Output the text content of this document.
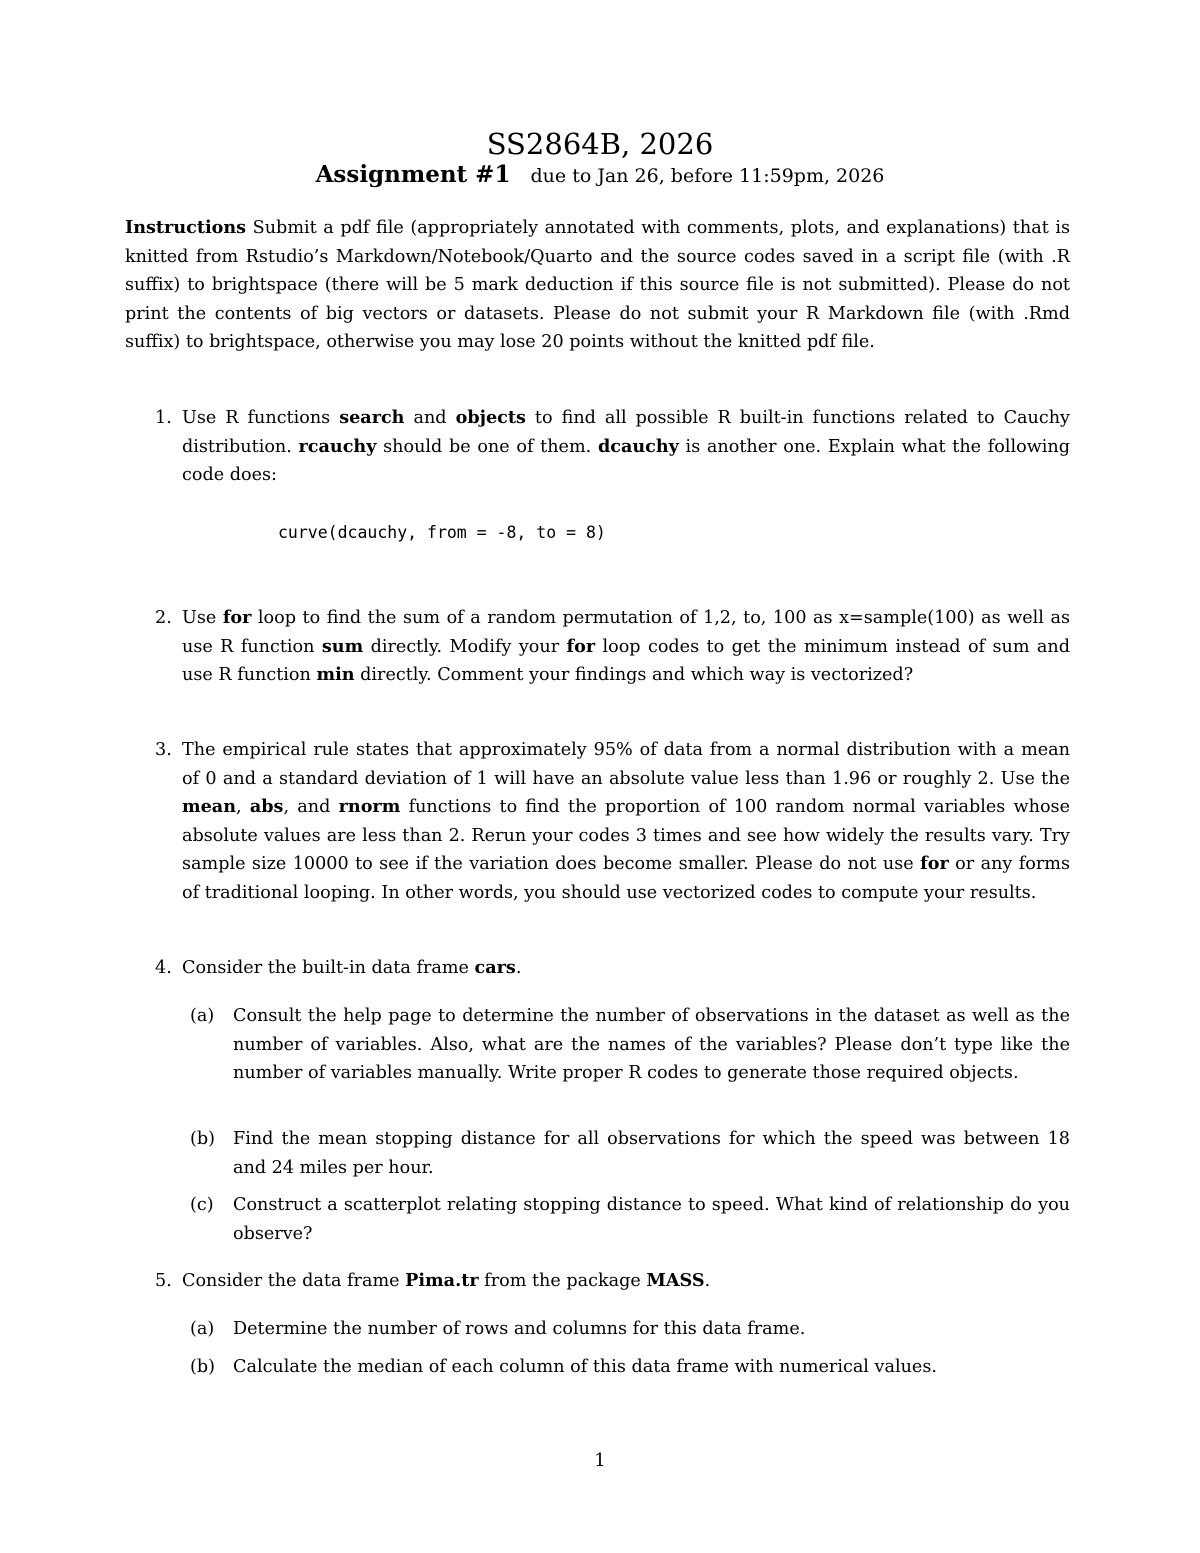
SS2864B, 2026
Assignment #1 due to Jan 26, before 11:59pm, 2026
Instructions Submit a pdf file (appropriately annotated with comments, plots, and explanations) that is knitted from Rstudio’s Markdown/Notebook/Quarto and the source codes saved in a script file (with .R suffix) to brightspace (there will be 5 mark deduction if this source file is not submitted). Please do not print the contents of big vectors or datasets. Please do not submit your R Markdown file (with .Rmd suffix) to brightspace, otherwise you may lose 20 points without the knitted pdf file.
1. Use R functions search and objects to find all possible R built-in functions related to Cauchy distribution. rcauchy should be one of them. dcauchy is another one. Explain what the following code does:
curve(dcauchy, from = -8, to = 8)
2. Use for loop to find the sum of a random permutation of 1,2, to, 100 as x=sample(100) as well as use R function sum directly. Modify your for loop codes to get the minimum instead of sum and use R function min directly. Comment your findings and which way is vectorized?
3. The empirical rule states that approximately 95% of data from a normal distribution with a mean of 0 and a standard deviation of 1 will have an absolute value less than 1.96 or roughly 2. Use the mean, abs, and rnorm functions to find the proportion of 100 random normal variables whose absolute values are less than 2. Rerun your codes 3 times and see how widely the results vary. Try sample size 10000 to see if the variation does become smaller. Please do not use for or any forms of traditional looping. In other words, you should use vectorized codes to compute your results.
4. Consider the built-in data frame cars.
(a) Consult the help page to determine the number of observations in the dataset as well as the number of variables. Also, what are the names of the variables? Please don’t type like the number of variables manually. Write proper R codes to generate those required objects.
(b) Find the mean stopping distance for all observations for which the speed was between 18 and 24 miles per hour.
(c) Construct a scatterplot relating stopping distance to speed. What kind of relationship do you observe?
5. Consider the data frame Pima.tr from the package MASS.
(a) Determine the number of rows and columns for this data frame.
(b) Calculate the median of each column of this data frame with numerical values.
1
